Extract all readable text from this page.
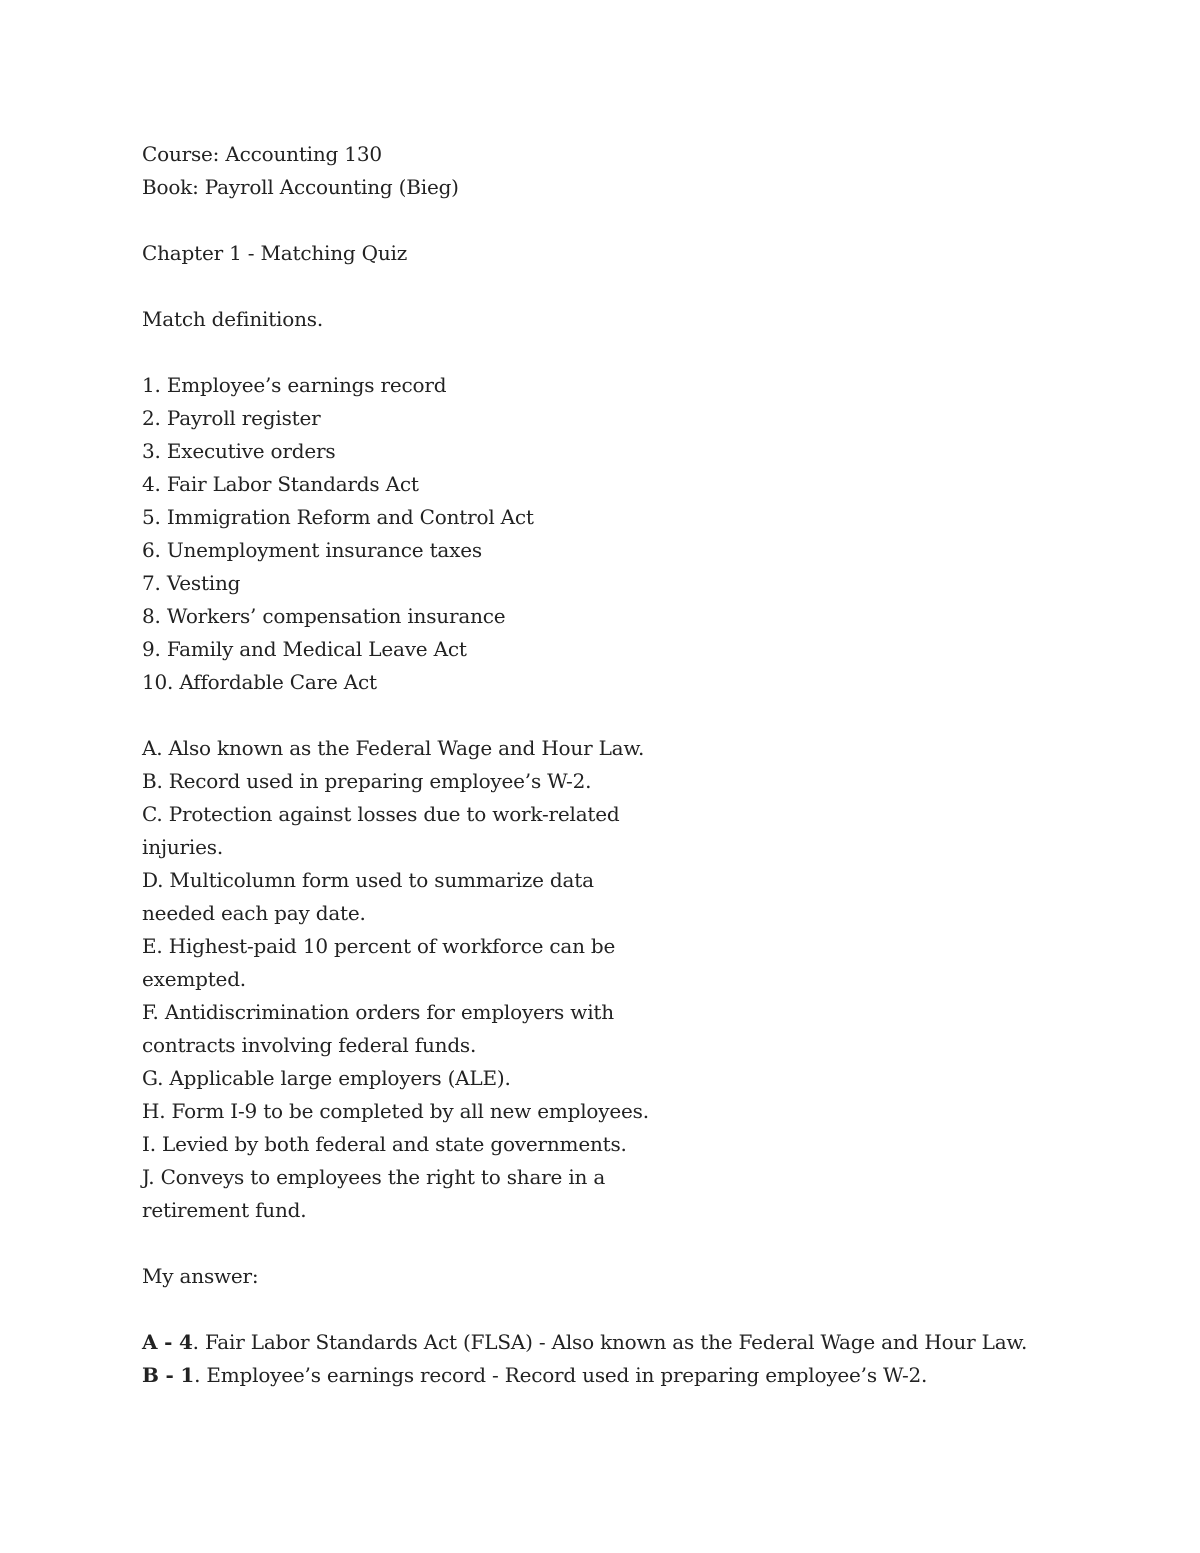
Course: Accounting 130
Book: Payroll Accounting (Bieg)
Chapter 1 - Matching Quiz
Match definitions.
1. Employee’s earnings record
2. Payroll register
3. Executive orders
4. Fair Labor Standards Act
5. Immigration Reform and Control Act
6. Unemployment insurance taxes
7. Vesting
8. Workers’ compensation insurance
9. Family and Medical Leave Act
10. Affordable Care Act
A. Also known as the Federal Wage and Hour Law.
B. Record used in preparing employee’s W-2.
C. Protection against losses due to work-related injuries.
D. Multicolumn form used to summarize data needed each pay date.
E. Highest-paid 10 percent of workforce can be exempted.
F. Antidiscrimination orders for employers with contracts involving federal funds.
G. Applicable large employers (ALE).
H. Form I-9 to be completed by all new employees.
I. Levied by both federal and state governments.
J. Conveys to employees the right to share in a retirement fund.
My answer:
A - 4. Fair Labor Standards Act (FLSA) - Also known as the Federal Wage and Hour Law.
B - 1. Employee’s earnings record - Record used in preparing employee’s W-2.
